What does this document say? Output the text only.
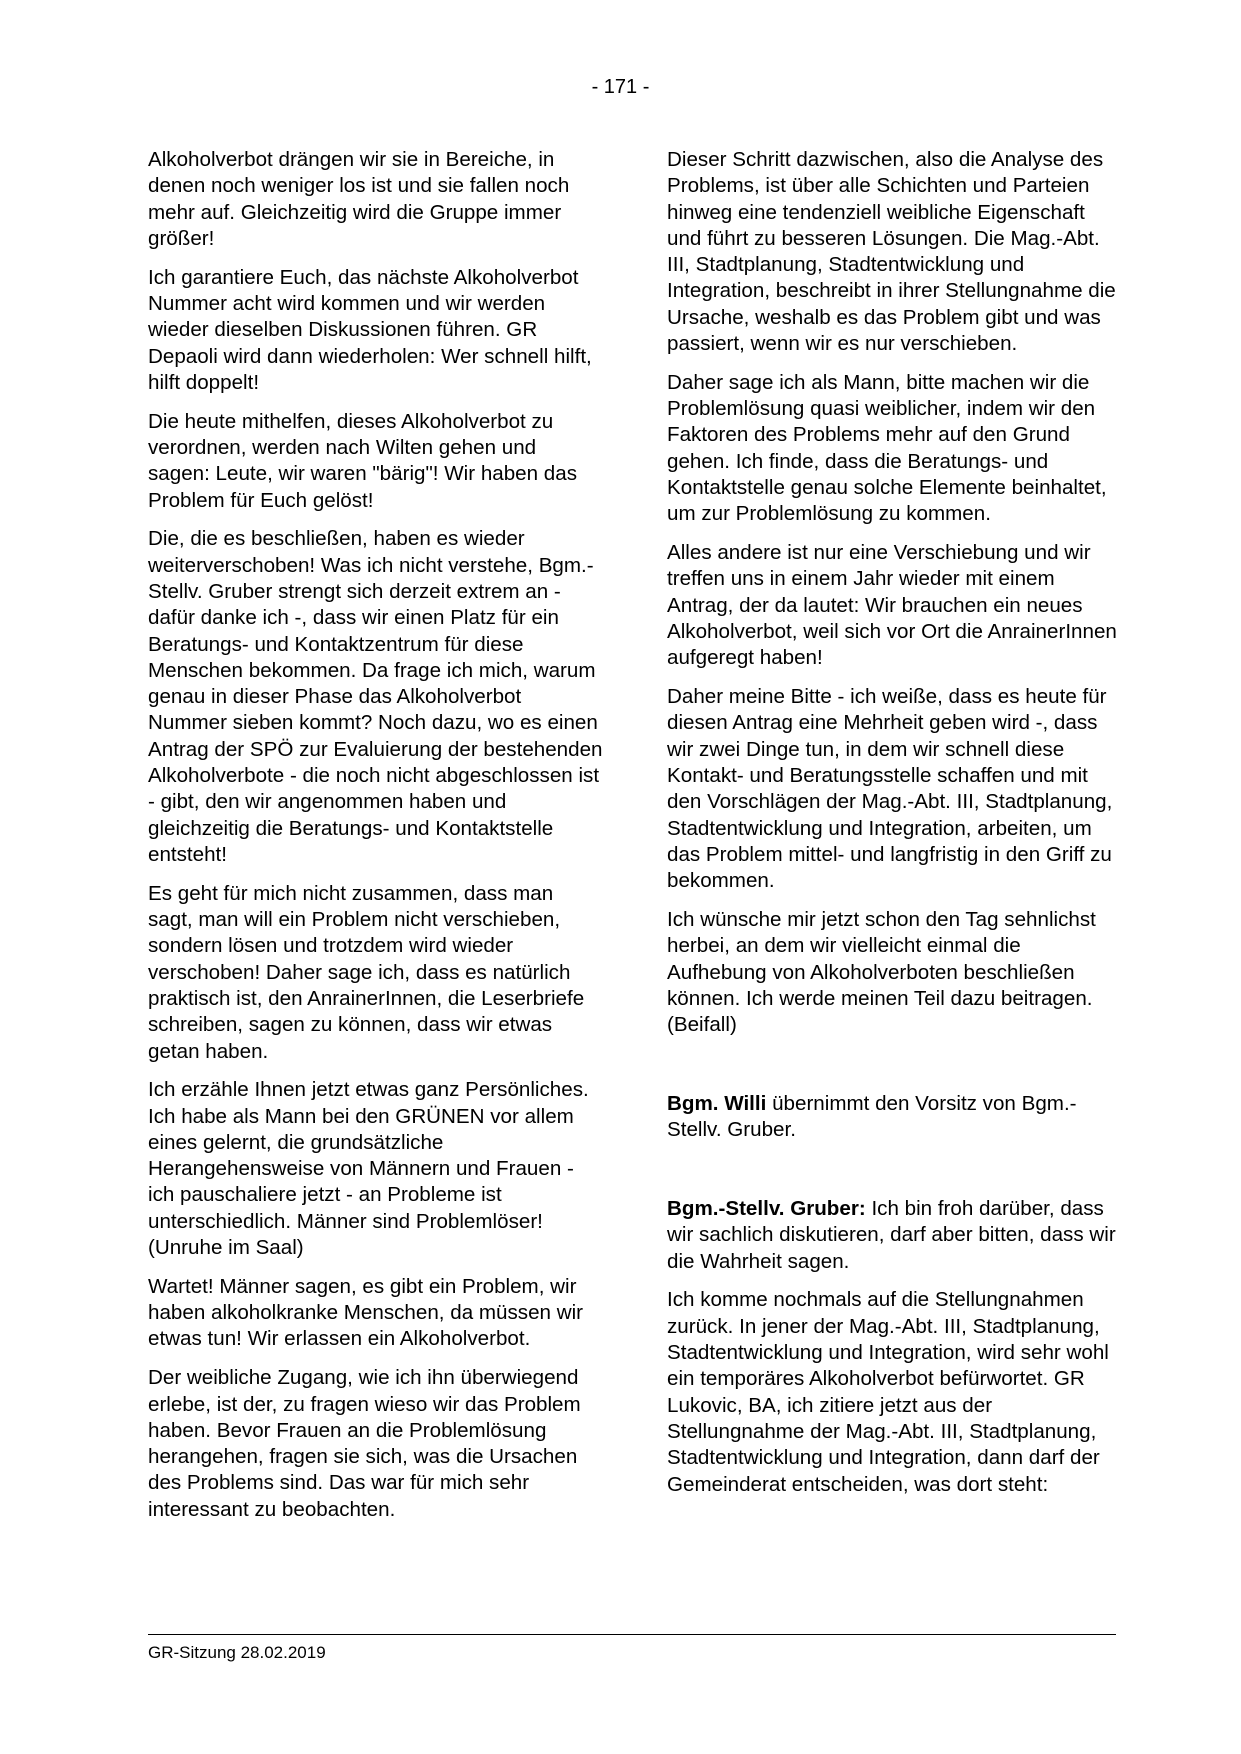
- 171 -

Alkoholverbot drängen wir sie in Bereiche, in denen noch weniger los ist und sie fallen noch mehr auf. Gleichzeitig wird die Gruppe immer größer!

Ich garantiere Euch, das nächste Alkoholverbot Nummer acht wird kommen und wir werden wieder dieselben Diskussionen führen. GR Depaoli wird dann wiederholen: Wer schnell hilft, hilft doppelt!

Die heute mithelfen, dieses Alkoholverbot zu verordnen, werden nach Wilten gehen und sagen: Leute, wir waren "bärig"! Wir haben das Problem für Euch gelöst!

Die, die es beschließen, haben es wieder weiterverschoben! Was ich nicht verstehe, Bgm.-Stellv. Gruber strengt sich derzeit extrem an - dafür danke ich -, dass wir einen Platz für ein Beratungs- und Kontaktzentrum für diese Menschen bekommen. Da frage ich mich, warum genau in dieser Phase das Alkoholverbot Nummer sieben kommt? Noch dazu, wo es einen Antrag der SPÖ zur Evaluierung der bestehenden Alkoholverbote - die noch nicht abgeschlossen ist - gibt, den wir angenommen haben und gleichzeitig die Beratungs- und Kontaktstelle entsteht!

Es geht für mich nicht zusammen, dass man sagt, man will ein Problem nicht verschieben, sondern lösen und trotzdem wird wieder verschoben! Daher sage ich, dass es natürlich praktisch ist, den AnrainerInnen, die Leserbriefe schreiben, sagen zu können, dass wir etwas getan haben.

Ich erzähle Ihnen jetzt etwas ganz Persönliches. Ich habe als Mann bei den GRÜNEN vor allem eines gelernt, die grundsätzliche Herangehensweise von Männern und Frauen - ich pauschaliere jetzt - an Probleme ist unterschiedlich. Männer sind Problemlöser! (Unruhe im Saal)

Wartet! Männer sagen, es gibt ein Problem, wir haben alkoholkranke Menschen, da müssen wir etwas tun! Wir erlassen ein Alkoholverbot.

Der weibliche Zugang, wie ich ihn überwiegend erlebe, ist der, zu fragen wieso wir das Problem haben. Bevor Frauen an die Problemlösung herangehen, fragen sie sich, was die Ursachen des Problems sind. Das war für mich sehr interessant zu beobachten.

Dieser Schritt dazwischen, also die Analyse des Problems, ist über alle Schichten und Parteien hinweg eine tendenziell weibliche Eigenschaft und führt zu besseren Lösungen. Die Mag.-Abt. III, Stadtplanung, Stadtentwicklung und Integration, beschreibt in ihrer Stellungnahme die Ursache, weshalb es das Problem gibt und was passiert, wenn wir es nur verschieben.

Daher sage ich als Mann, bitte machen wir die Problemlösung quasi weiblicher, indem wir den Faktoren des Problems mehr auf den Grund gehen. Ich finde, dass die Beratungs- und Kontaktstelle genau solche Elemente beinhaltet, um zur Problemlösung zu kommen.

Alles andere ist nur eine Verschiebung und wir treffen uns in einem Jahr wieder mit einem Antrag, der da lautet: Wir brauchen ein neues Alkoholverbot, weil sich vor Ort die AnrainerInnen aufgeregt haben!

Daher meine Bitte - ich weiße, dass es heute für diesen Antrag eine Mehrheit geben wird -, dass wir zwei Dinge tun, in dem wir schnell diese Kontakt- und Beratungsstelle schaffen und mit den Vorschlägen der Mag.-Abt. III, Stadtplanung, Stadtentwicklung und Integration, arbeiten, um das Problem mittel- und langfristig in den Griff zu bekommen.

Ich wünsche mir jetzt schon den Tag sehnlichst herbei, an dem wir vielleicht einmal die Aufhebung von Alkoholverboten beschließen können. Ich werde meinen Teil dazu beitragen. (Beifall)

Bgm. Willi übernimmt den Vorsitz von Bgm.-Stellv. Gruber.

Bgm.-Stellv. Gruber: Ich bin froh darüber, dass wir sachlich diskutieren, darf aber bitten, dass wir die Wahrheit sagen.

Ich komme nochmals auf die Stellungnahmen zurück. In jener der Mag.-Abt. III, Stadtplanung, Stadtentwicklung und Integration, wird sehr wohl ein temporäres Alkoholverbot befürwortet. GR Lukovic, BA, ich zitiere jetzt aus der Stellungnahme der Mag.-Abt. III, Stadtplanung, Stadtentwicklung und Integration, dann darf der Gemeinderat entscheiden, was dort steht:

GR-Sitzung 28.02.2019
